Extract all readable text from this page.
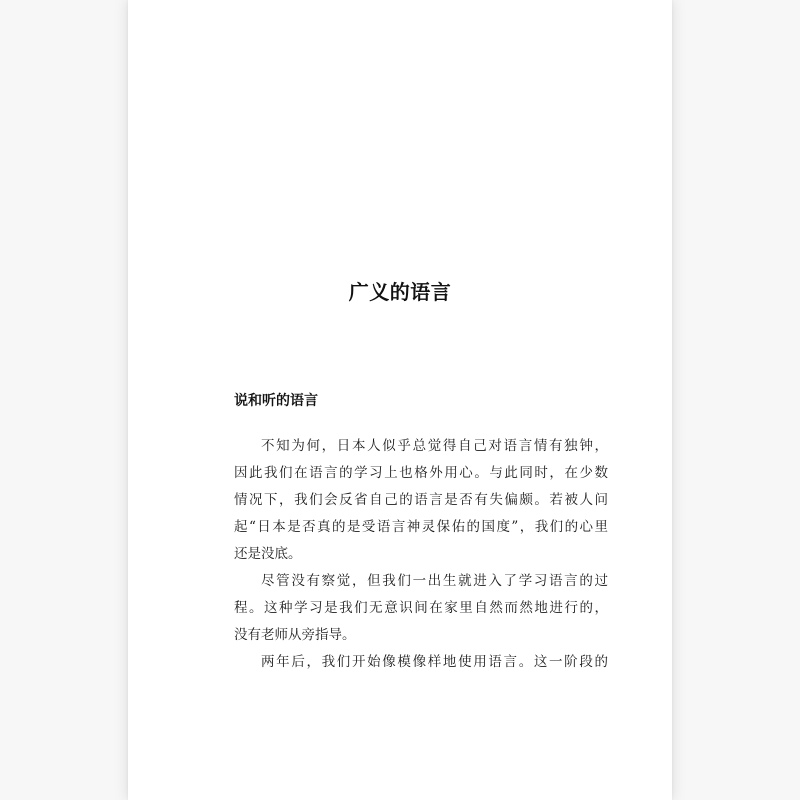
广义的语言
说和听的语言
不知为何，日本人似乎总觉得自己对语言情有独钟，
因此我们在语言的学习上也格外用心。与此同时，在少数
情况下，我们会反省自己的语言是否有失偏颇。若被人问
起“日本是否真的是受语言神灵保佑的国度”，我们的心里
还是没底。
尽管没有察觉，但我们一出生就进入了学习语言的过
程。这种学习是我们无意识间在家里自然而然地进行的，
没有老师从旁指导。
两年后，我们开始像模像样地使用语言。这一阶段的
